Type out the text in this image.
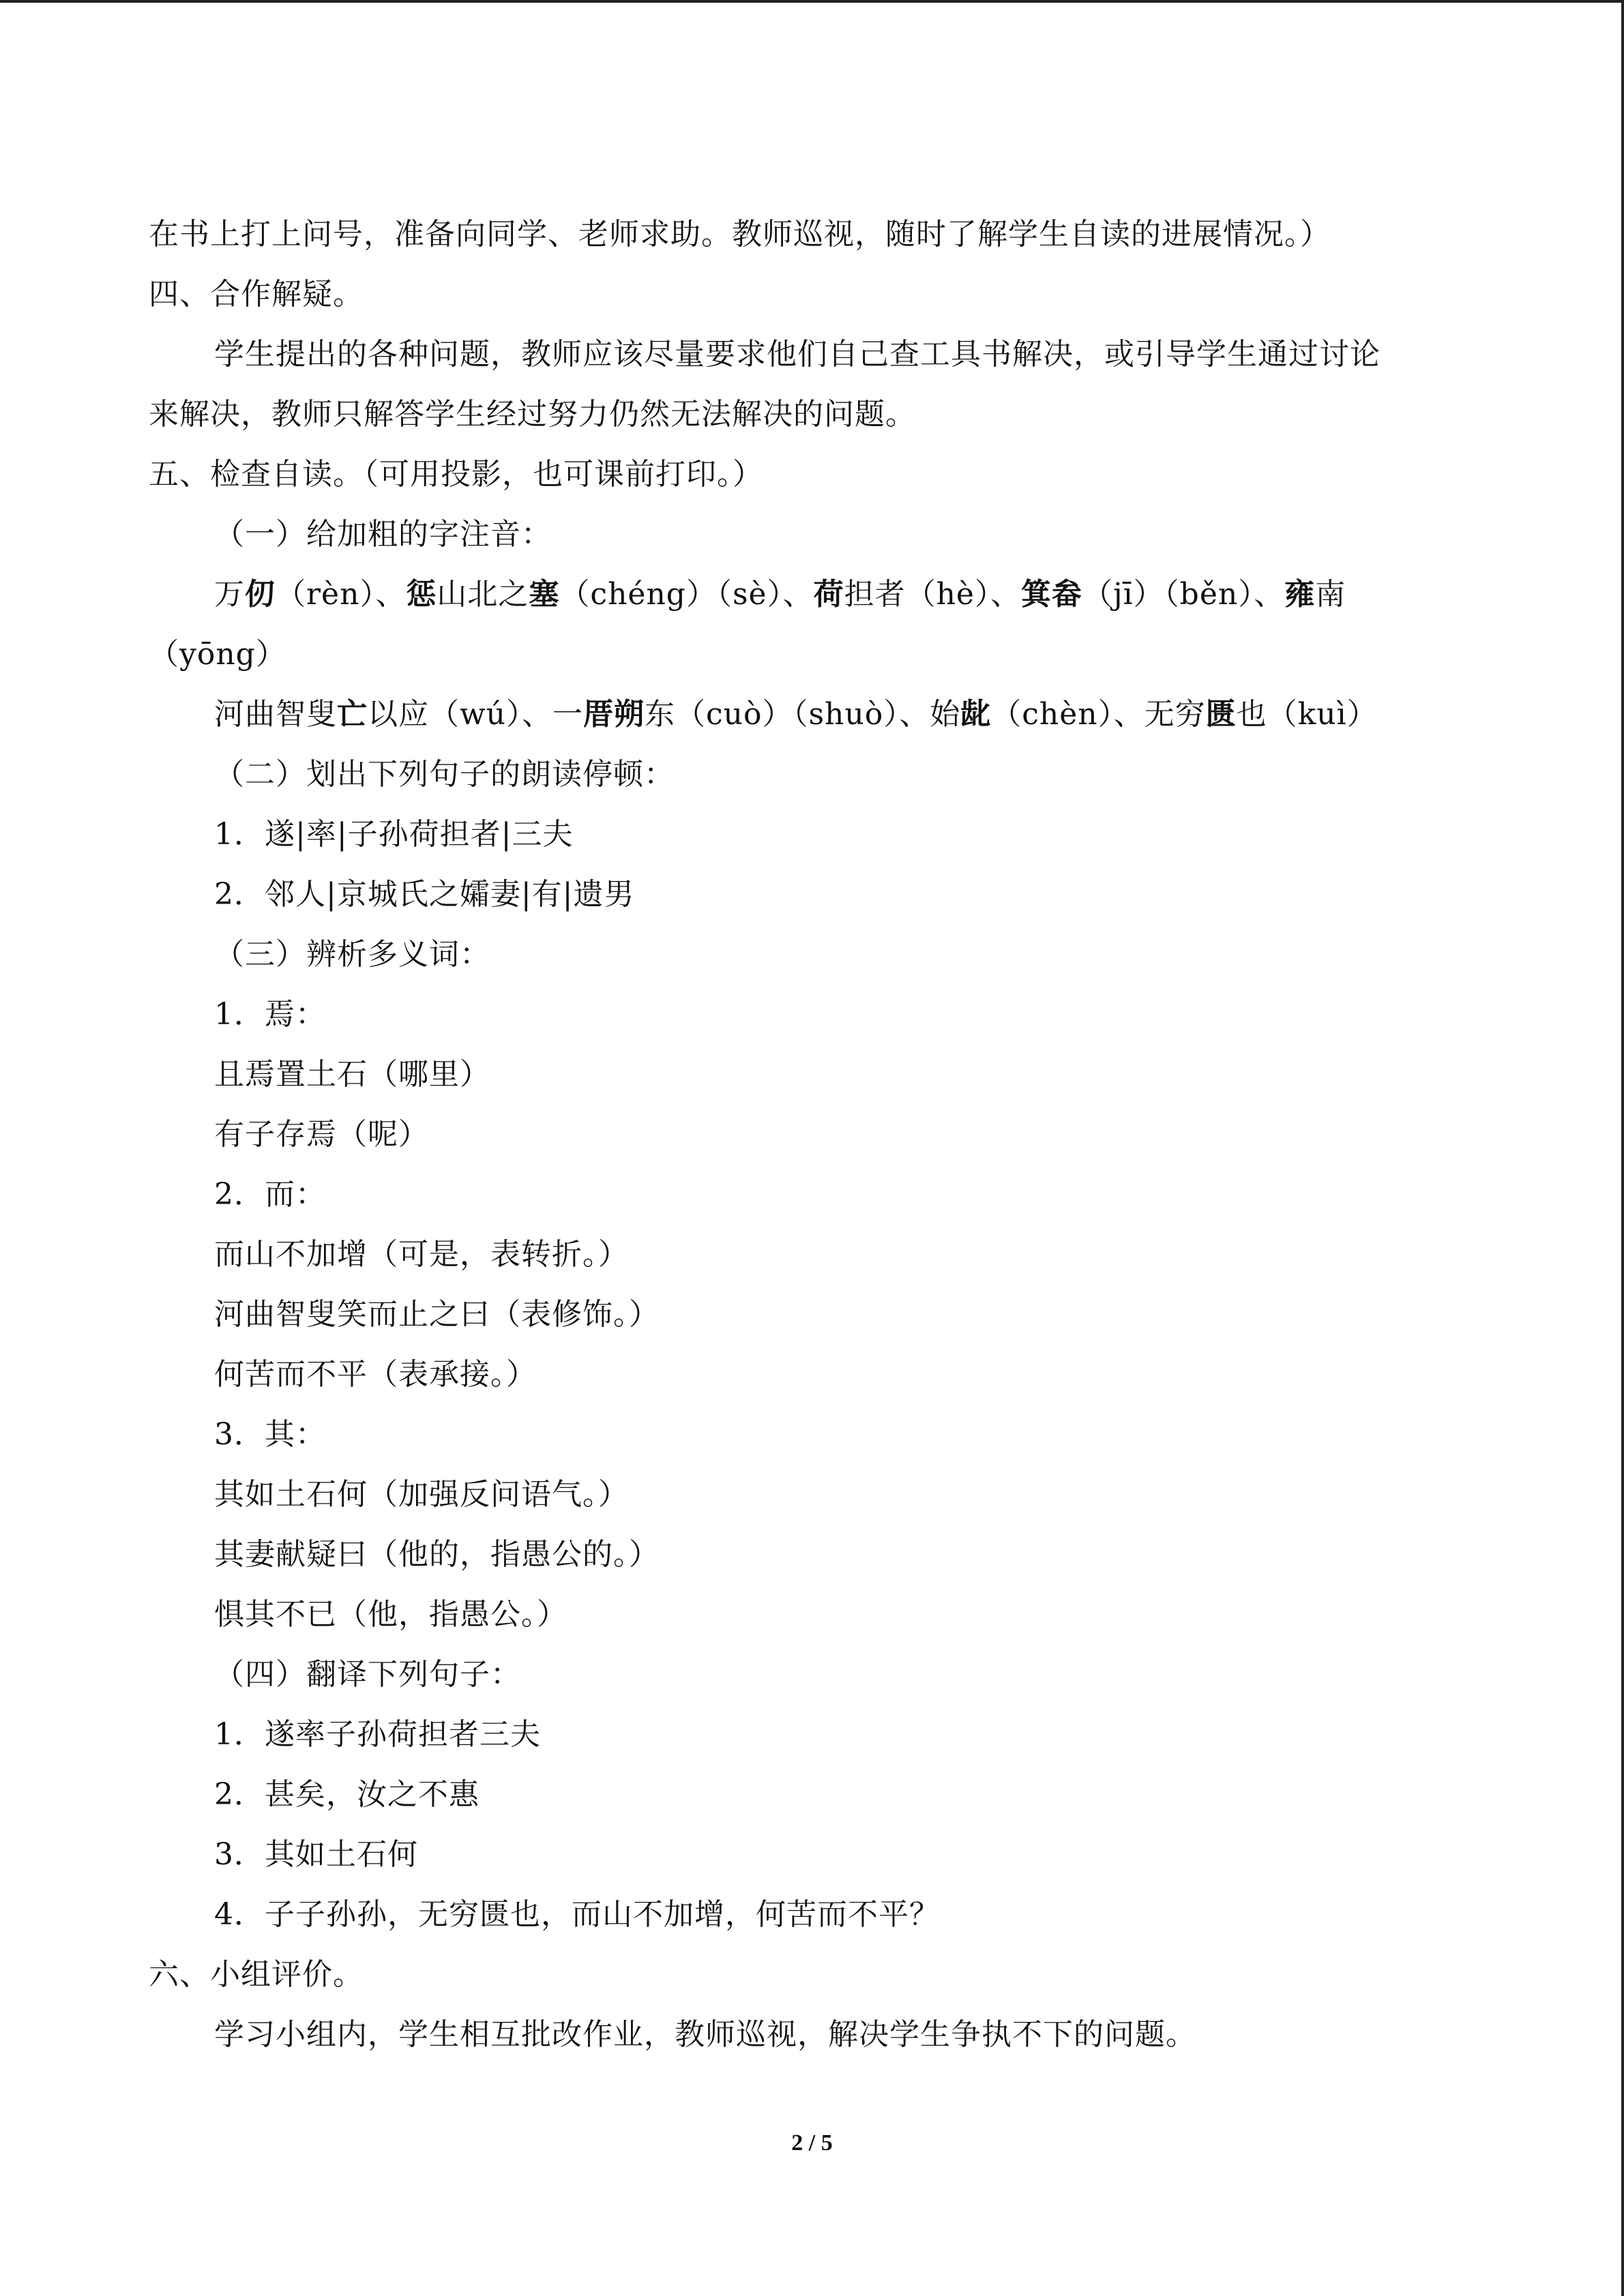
在书上打上问号，准备向同学、老师求助。教师巡视，随时了解学生自读的进展情况。）
四、合作解疑。
学生提出的各种问题，教师应该尽量要求他们自己查工具书解决，或引导学生通过讨论
来解决，教师只解答学生经过努力仍然无法解决的问题。
五、检查自读。（可用投影，也可课前打印。）
（一）给加粗的字注音：
万仞（rèn）、惩山北之塞（chéng）（sè）、荷担者（hè）、箕畚（jī）（běn）、雍南
（yōng）
河曲智叟亡以应（wú）、一厝朔东（cuò）（shuò）、始龀（chèn）、无穷匮也（kuì）
（二）划出下列句子的朗读停顿：
1．遂|率|子孙荷担者|三夫
2．邻人|京城氏之孀妻|有|遗男
（三）辨析多义词：
1．焉：
且焉置土石（哪里）
有子存焉（呢）
2．而：
而山不加增（可是，表转折。）
河曲智叟笑而止之曰（表修饰。）
何苦而不平（表承接。）
3．其：
其如土石何（加强反问语气。）
其妻献疑曰（他的，指愚公的。）
惧其不已（他，指愚公。）
（四）翻译下列句子：
1．遂率子孙荷担者三夫
2．甚矣，汝之不惠
3．其如土石何
4．子子孙孙，无穷匮也，而山不加增，何苦而不平？
六、小组评价。
学习小组内，学生相互批改作业，教师巡视，解决学生争执不下的问题。
2 / 5
